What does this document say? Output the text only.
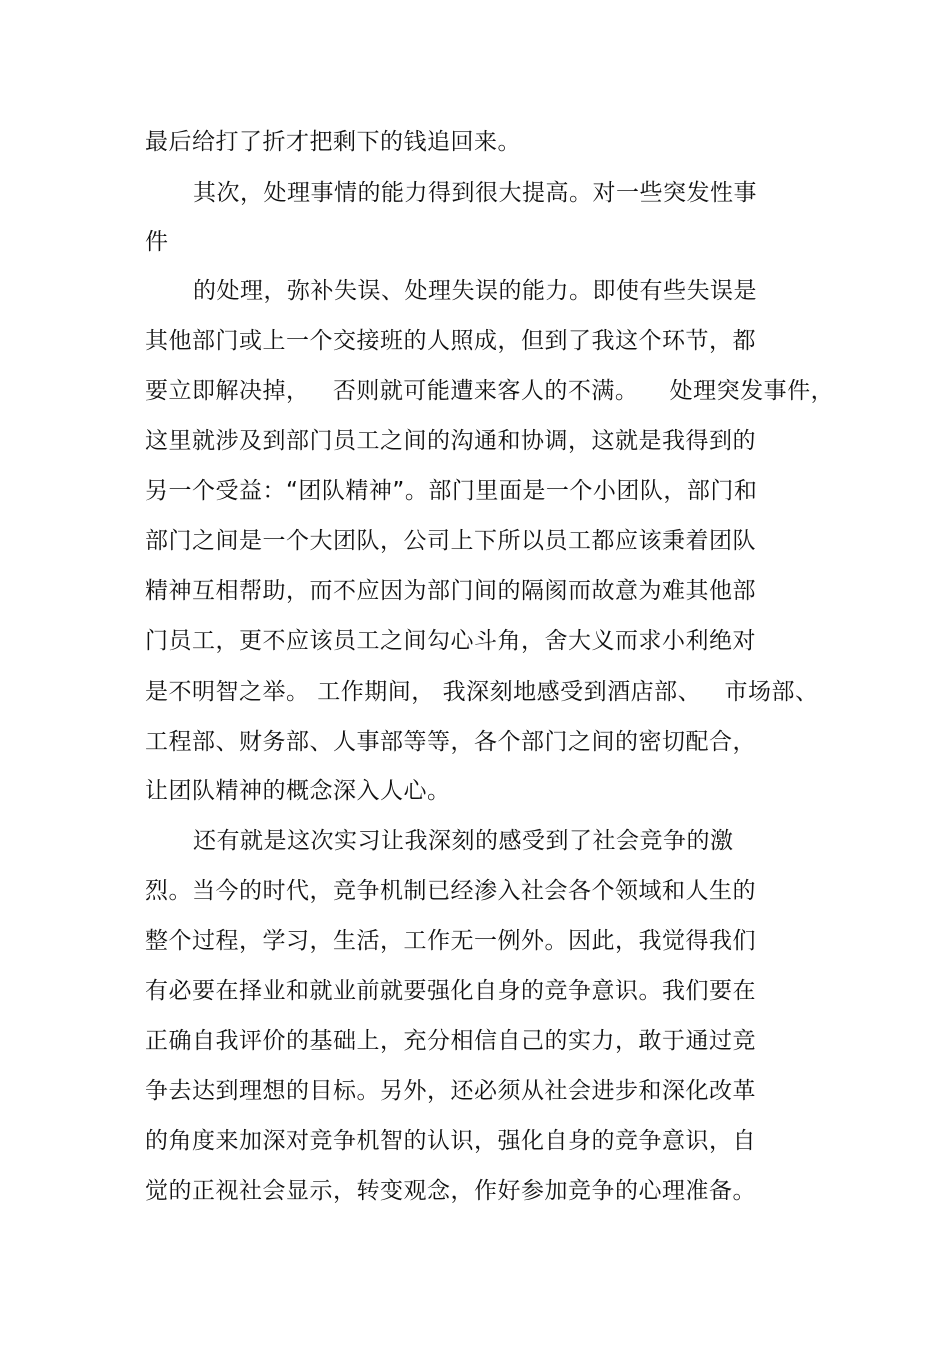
最后给打了折才把剩下的钱追回来。
其次，处理事情的能力得到很大提高。对一些突发性事
件
的处理，弥补失误、处理失误的能力。即使有些失误是
其他部门或上一个交接班的人照成，但到了我这个环节，都
要立即解决掉，   否则就可能遭来客人的不满。    处理突发事件，
这里就涉及到部门员工之间的沟通和协调，这就是我得到的
另一个受益：“团队精神”。部门里面是一个小团队，部门和
部门之间是一个大团队，公司上下所以员工都应该秉着团队
精神互相帮助，而不应因为部门间的隔阂而故意为难其他部
门员工，更不应该员工之间勾心斗角，舍大义而求小利绝对
是不明智之举。 工作期间， 我深刻地感受到酒店部、   市场部、
工程部、财务部、人事部等等，各个部门之间的密切配合，
让团队精神的概念深入人心。
还有就是这次实习让我深刻的感受到了社会竞争的激
烈。当今的时代，竞争机制已经渗入社会各个领域和人生的
整个过程，学习，生活，工作无一例外。因此，我觉得我们
有必要在择业和就业前就要强化自身的竞争意识。我们要在
正确自我评价的基础上，充分相信自己的实力，敢于通过竞
争去达到理想的目标。另外，还必须从社会进步和深化改革
的角度来加深对竞争机智的认识，强化自身的竞争意识，自
觉的正视社会显示，转变观念，作好参加竞争的心理准备。
